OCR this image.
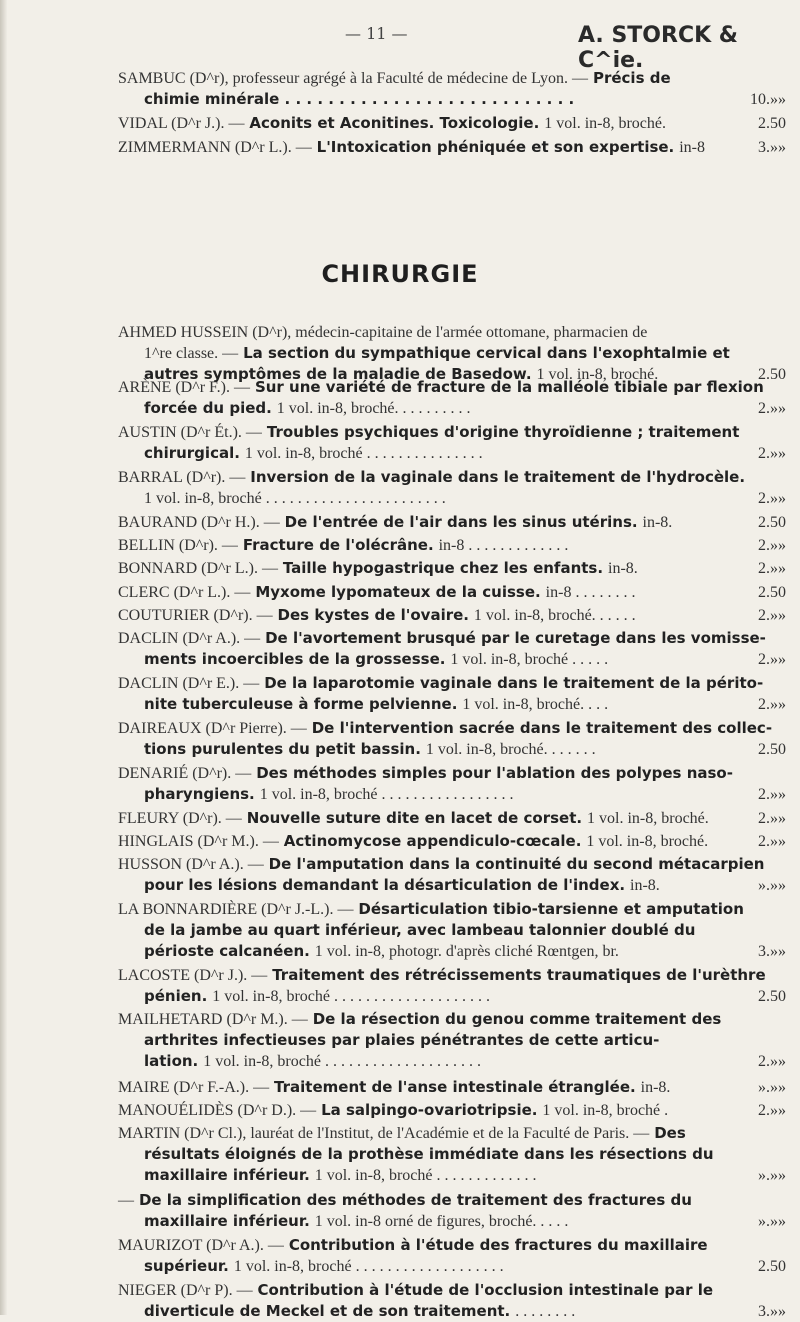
— 11 —	A. STORCK & C^ie.
SAMBUC (D^r), professeur agrégé à la Faculté de médecine de Lyon. — Précis de
chimie minérale . . . . . . . . . . . . . . . . . . . . . . . . . . .	10.»»
VIDAL (D^r J.). — Aconits et Aconitines. Toxicologie. 1 vol. in-8, broché.	2.50
ZIMMERMANN (D^r L.). — L'Intoxication phéniquée et son expertise. in-8	3.»»
CHIRURGIE
AHMED HUSSEIN (D^r), médecin-capitaine de l'armée ottomane, pharmacien de
1^re classe. — La section du sympathique cervical dans l'exophtalmie et
autres symptômes de la maladie de Basedow. 1 vol. in-8, broché.	2.50
ARÈNE (D^r F.). — Sur une variété de fracture de la malléole tibiale par flexion
forcée du pied. 1 vol. in-8, broché. . . . . . . . . .	2.»»
AUSTIN (D^r Ét.). — Troubles psychiques d'origine thyroïdienne ; traitement
chirurgical. 1 vol. in-8, broché . . . . . . . . . . . . . . .	2.»»
BARRAL (D^r). — Inversion de la vaginale dans le traitement de l'hydrocèle.
1 vol. in-8, broché . . . . . . . . . . . . . . . . . . . . . . .	2.»»
BAURAND (D^r H.). — De l'entrée de l'air dans les sinus utérins. in-8.	2.50
BELLIN (D^r). — Fracture de l'olécrâne. in-8 . . . . . . . . . . . . .	2.»»
BONNARD (D^r L.). — Taille hypogastrique chez les enfants. in-8.	2.»»
CLERC (D^r L.). — Myxome lypomateux de la cuisse. in-8 . . . . . . . .	2.50
COUTURIER (D^r). — Des kystes de l'ovaire. 1 vol. in-8, broché. . . . . .	2.»»
DACLIN (D^r A.). — De l'avortement brusqué par le curetage dans les vomisse-
ments incoercibles de la grossesse. 1 vol. in-8, broché . . . . .	2.»»
DACLIN (D^r E.). — De la laparotomie vaginale dans le traitement de la périto-
nite tuberculeuse à forme pelvienne. 1 vol. in-8, broché. . . .	2.»»
DAIREAUX (D^r Pierre). — De l'intervention sacrée dans le traitement des collec-
tions purulentes du petit bassin. 1 vol. in-8, broché. . . . . . .	2.50
DENARIÉ (D^r). — Des méthodes simples pour l'ablation des polypes naso-
pharyngiens. 1 vol. in-8, broché . . . . . . . . . . . . . . . . .	2.»»
FLEURY (D^r). — Nouvelle suture dite en lacet de corset. 1 vol. in-8, broché.	2.»»
HINGLAIS (D^r M.). — Actinomycose appendiculo-cœcale. 1 vol. in-8, broché.	2.»»
HUSSON (D^r A.). — De l'amputation dans la continuité du second métacarpien
pour les lésions demandant la désarticulation de l'index. in-8.	».»»
LA BONNARDIÈRE (D^r J.-L.). — Désarticulation tibio-tarsienne et amputation
de la jambe au quart inférieur, avec lambeau talonnier doublé du
périoste calcanéen. 1 vol. in-8, photogr. d'après cliché Rœntgen, br.	3.»»
LACOSTE (D^r J.). — Traitement des rétrécissements traumatiques de l'urèthre
pénien. 1 vol. in-8, broché . . . . . . . . . . . . . . . . . . . .	2.50
MAILHETARD (D^r M.). — De la résection du genou comme traitement des
arthrites infectieuses par plaies pénétrantes de cette articu-
lation. 1 vol. in-8, broché . . . . . . . . . . . . . . . . . . . .	2.»»
MAIRE (D^r F.-A.). — Traitement de l'anse intestinale étranglée. in-8.	».»»
MANOUÉLIDÈS (D^r D.). — La salpingo-ovariotripsie. 1 vol. in-8, broché .	2.»»
MARTIN (D^r Cl.), lauréat de l'Institut, de l'Académie et de la Faculté de Paris. — Des
résultats éloignés de la prothèse immédiate dans les résections du
maxillaire inférieur. 1 vol. in-8, broché . . . . . . . . . . . . .	».»»
— De la simplification des méthodes de traitement des fractures du
maxillaire inférieur. 1 vol. in-8 orné de figures, broché. . . . .	».»»
MAURIZOT (D^r A.). — Contribution à l'étude des fractures du maxillaire
supérieur. 1 vol. in-8, broché . . . . . . . . . . . . . . . . . . .	2.50
NIEGER (D^r P). — Contribution à l'étude de l'occlusion intestinale par le
diverticule de Meckel et de son traitement. . . . . . . . .	3.»»
